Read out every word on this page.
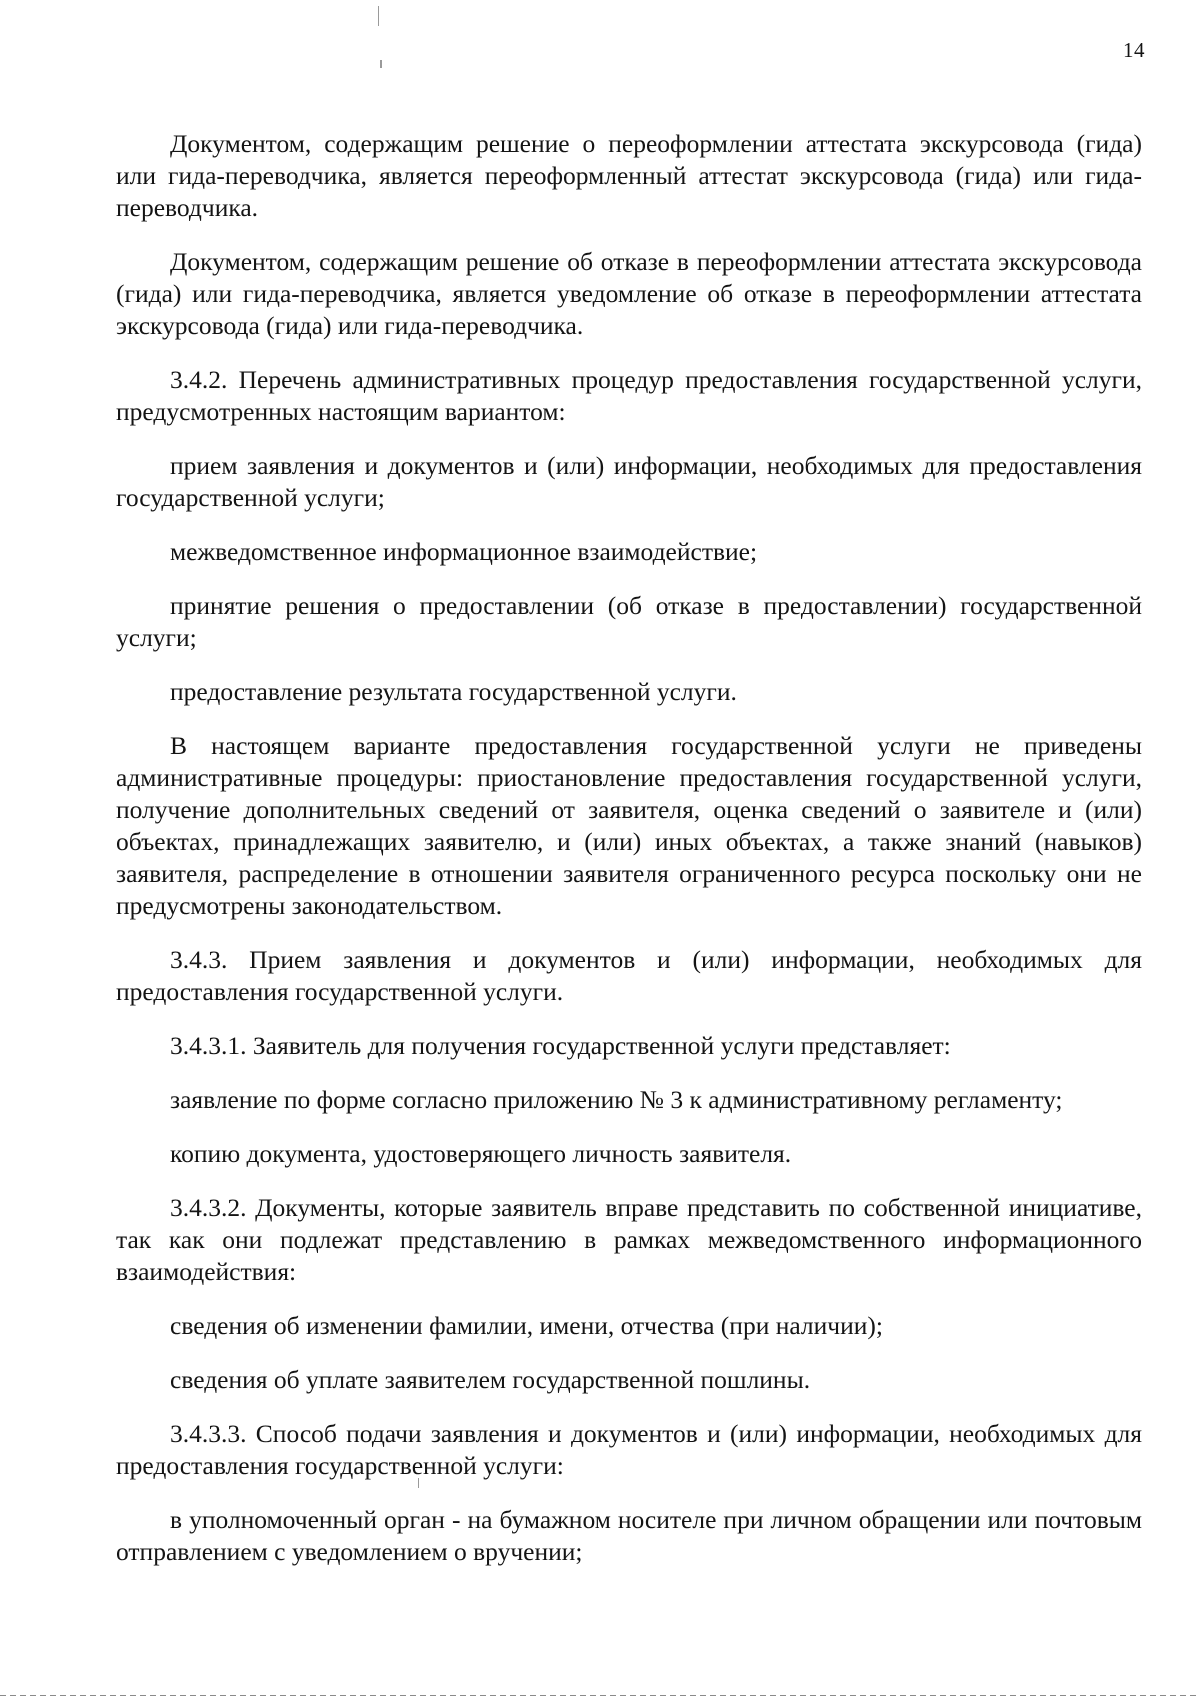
14

Документом, содержащим решение о переоформлении аттестата экскурсовода (гида) или гида-переводчика, является переоформленный аттестат экскурсовода (гида) или гида-переводчика.

Документом, содержащим решение об отказе в переоформлении аттестата экскурсовода (гида) или гида-переводчика, является уведомление об отказе в переоформлении аттестата экскурсовода (гида) или гида-переводчика.

3.4.2. Перечень административных процедур предоставления государственной услуги, предусмотренных настоящим вариантом:

прием заявления и документов и (или) информации, необходимых для предоставления государственной услуги;

межведомственное информационное взаимодействие;

принятие решения о предоставлении (об отказе в предоставлении) государственной услуги;

предоставление результата государственной услуги.

В настоящем варианте предоставления государственной услуги не приведены административные процедуры: приостановление предоставления государственной услуги, получение дополнительных сведений от заявителя, оценка сведений о заявителе и (или) объектах, принадлежащих заявителю, и (или) иных объектах, а также знаний (навыков) заявителя, распределение в отношении заявителя ограниченного ресурса поскольку они не предусмотрены законодательством.

3.4.3. Прием заявления и документов и (или) информации, необходимых для предоставления государственной услуги.

3.4.3.1. Заявитель для получения государственной услуги представляет:

заявление по форме согласно приложению № 3 к административному регламенту;

копию документа, удостоверяющего личность заявителя.

3.4.3.2. Документы, которые заявитель вправе представить по собственной инициативе, так как они подлежат представлению в рамках межведомственного информационного взаимодействия:

сведения об изменении фамилии, имени, отчества (при наличии);

сведения об уплате заявителем государственной пошлины.

3.4.3.3. Способ подачи заявления и документов и (или) информации, необходимых для предоставления государственной услуги:

в уполномоченный орган - на бумажном носителе при личном обращении или почтовым отправлением с уведомлением о вручении;
